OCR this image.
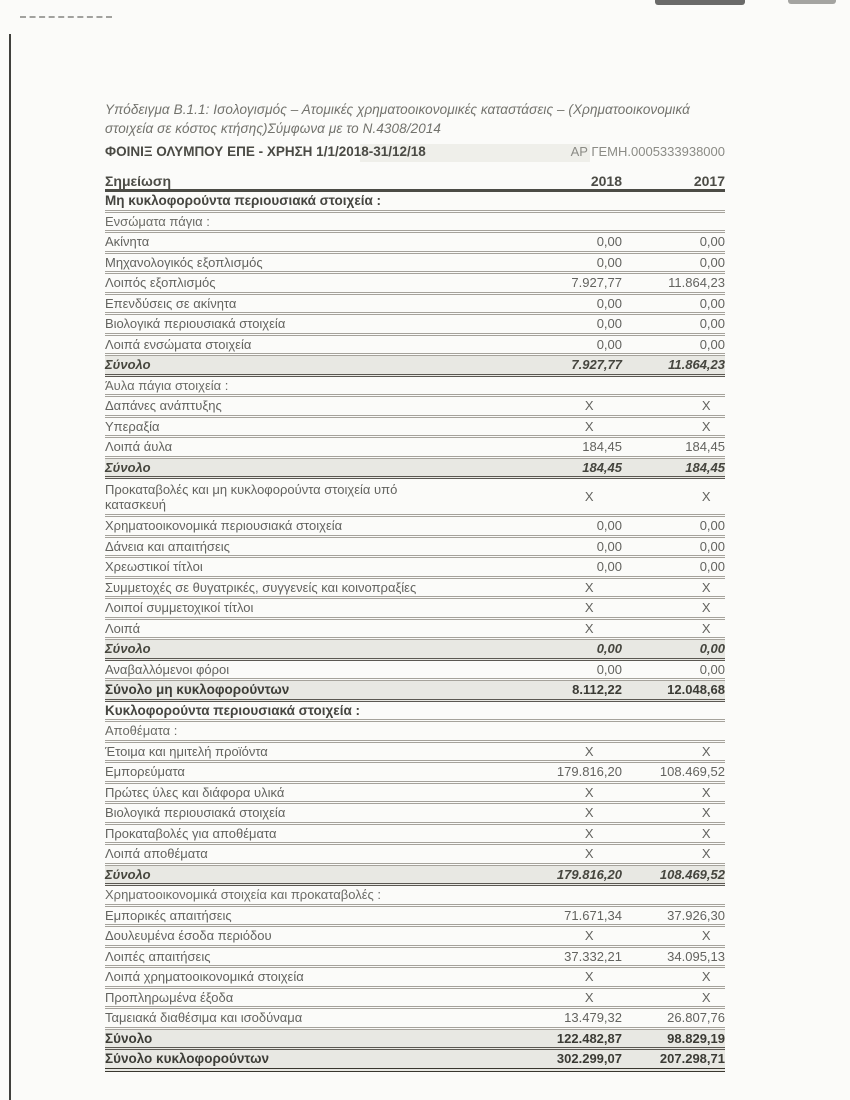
Υπόδειγμα Β.1.1: Ισολογισμός – Ατομικές χρηματοοικονομικές καταστάσεις – (Χρηματοοικονομικά
στοιχεία σε κόστος κτήσης)Σύμφωνα με το Ν.4308/2014
ΦΟΙΝΙΞ ΟΛΥΜΠΟΥ ΕΠΕ - ΧΡΗΣΗ 1/1/2018-31/12/18	ΑΡ ΓΕΜΗ.0005333938000
Σημείωση	2018	2017
Μη κυκλοφορούντα περιουσιακά στοιχεία :
Ενσώματα πάγια :
Ακίνητα	0,00	0,00
Μηχανολογικός εξοπλισμός	0,00	0,00
Λοιπός εξοπλισμός	7.927,77	11.864,23
Επενδύσεις σε ακίνητα	0,00	0,00
Βιολογικά περιουσιακά στοιχεία	0,00	0,00
Λοιπά ενσώματα στοιχεία	0,00	0,00
Σύνολο	7.927,77	11.864,23
Άυλα πάγια στοιχεία :
Δαπάνες ανάπτυξης	X	X
Υπεραξία	X	X
Λοιπά άυλα	184,45	184,45
Σύνολο	184,45	184,45
Προκαταβολές και μη κυκλοφορούντα στοιχεία υπό κατασκευή	X	X
Χρηματοοικονομικά περιουσιακά στοιχεία	0,00	0,00
Δάνεια και απαιτήσεις	0,00	0,00
Χρεωστικοί τίτλοι	0,00	0,00
Συμμετοχές σε θυγατρικές, συγγενείς και κοινοπραξίες	X	X
Λοιποί συμμετοχικοί τίτλοι	X	X
Λοιπά	X	X
Σύνολο	0,00	0,00
Αναβαλλόμενοι φόροι	0,00	0,00
Σύνολο μη κυκλοφορούντων	8.112,22	12.048,68
Κυκλοφορούντα περιουσιακά στοιχεία :
Αποθέματα :
Έτοιμα και ημιτελή προϊόντα	X	X
Εμπορεύματα	179.816,20	108.469,52
Πρώτες ύλες και διάφορα υλικά	X	X
Βιολογικά περιουσιακά στοιχεία	X	X
Προκαταβολές για αποθέματα	X	X
Λοιπά αποθέματα	X	X
Σύνολο	179.816,20	108.469,52
Χρηματοοικονομικά στοιχεία και προκαταβολές :
Εμπορικές απαιτήσεις	71.671,34	37.926,30
Δουλευμένα έσοδα περιόδου	X	X
Λοιπές απαιτήσεις	37.332,21	34.095,13
Λοιπά χρηματοοικονομικά στοιχεία	X	X
Προπληρωμένα έξοδα	X	X
Ταμειακά διαθέσιμα και ισοδύναμα	13.479,32	26.807,76
Σύνολο	122.482,87	98.829,19
Σύνολο κυκλοφορούντων	302.299,07	207.298,71
